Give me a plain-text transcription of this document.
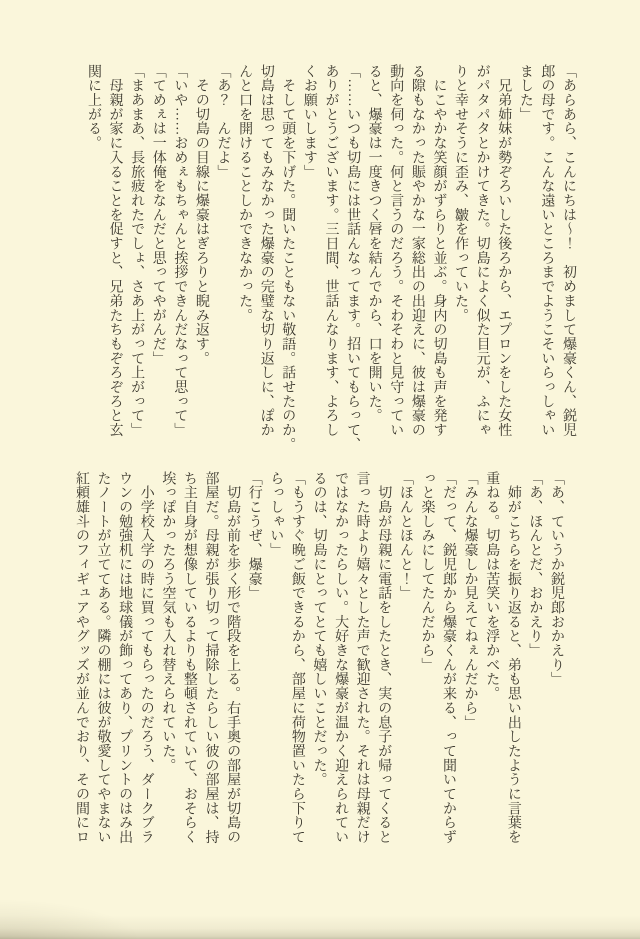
「あらあら、こんにちは～！　初めまして爆豪くん、鋭児

郎の母です。こんな遠いところまでようこそいらっしゃい

ました」

　兄弟姉妹が勢ぞろいした後ろから、エプロンをした女性

がパタパタとかけてきた。切島によく似た目元が、ふにゃ

りと幸せそうに歪み、皺を作っていた。

　にこやかな笑顔がずらりと並ぶ。身内の切島も声を発す

る隙もなかった賑やかな一家総出の出迎えに、彼は爆豪の

動向を伺った。何と言うのだろう。そわそわと見守ってい

ると、爆豪は一度きつく唇を結んでから、口を開いた。

「……いつも切島には世話んなってます。招いてもらって、

ありがとうございます。三日間、世話んなります、よろし

くお願いします」

　そして頭を下げた。聞いたこともない敬語。話せたのか。

切島は思ってもみなかった爆豪の完璧な切り返しに、ぽか

んと口を開けることしかできなかった。

「あ？　んだよ」

　その切島の目線に爆豪はぎろりと睨み返す。

「いや……おめぇもちゃんと挨拶できんだなって思って」

「てめぇは一体俺をなんだと思ってやがんだ」

「まあまあ、長旅疲れたでしょ、さあ上がって上がって」

　母親が家に入ることを促すと、兄弟たちもぞろぞろと玄

関に上がる。

「あ、ていうか鋭児郎おかえり」

「あ、ほんとだ、おかえり」

　姉がこちらを振り返ると、弟も思い出したように言葉を

重ねる。切島は苦笑いを浮かべた。

「みんな爆豪しか見えてねぇんだから」

「だって、鋭児郎から爆豪くんが来る、って聞いてからず

っと楽しみにしてたんだから」

「ほんとほんと！」

　切島が母親に電話をしたとき、実の息子が帰ってくると

言った時より嬉々とした声で歓迎された。それは母親だけ

ではなかったらしい。大好きな爆豪が温かく迎えられてい

るのは、切島にとってとても嬉しいことだった。

「もうすぐ晩ご飯できるから、部屋に荷物置いたら下りて

らっしゃい」

「行こうぜ、爆豪」

　切島が前を歩く形で階段を上る。右手奥の部屋が切島の

部屋だ。母親が張り切って掃除したらしい彼の部屋は、持

ち主自身が想像しているよりも整頓されていて、おそらく

埃っぽかったろう空気も入れ替えられていた。

　小学校入学の時に買ってもらったのだろう、ダークブラ

ウンの勉強机には地球儀が飾ってあり、プリントのはみ出

たノートが立ててある。隣の棚には彼が敬愛してやまない

紅頼雄斗のフィギュアやグッズが並んでおり、その間にロ
